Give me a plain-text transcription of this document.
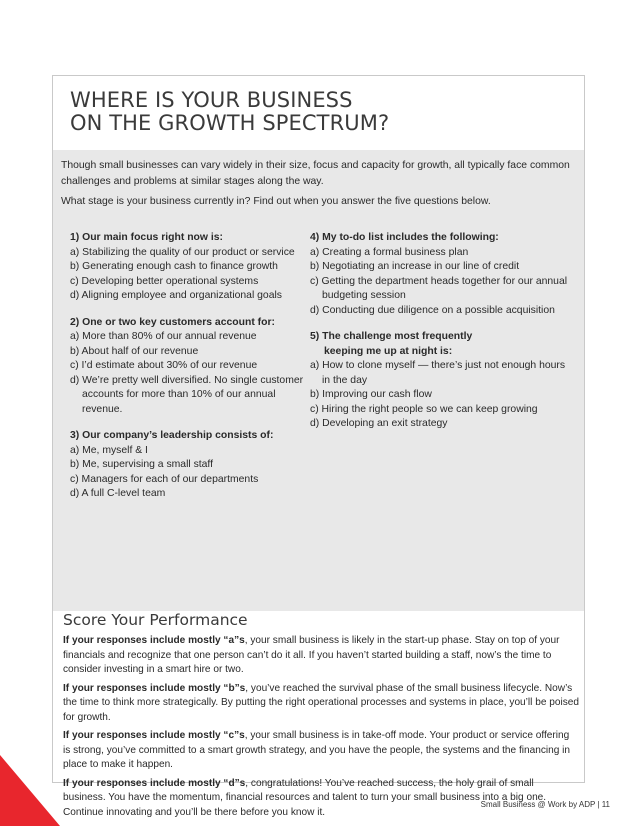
WHERE IS YOUR BUSINESS
ON THE GROWTH SPECTRUM?

Though small businesses can vary widely in their size, focus and capacity for growth, all typically face common challenges and problems at similar stages along the way.

What stage is your business currently in? Find out when you answer the five questions below.

1) Our main focus right now is:
a) Stabilizing the quality of our product or service
b) Generating enough cash to finance growth
c) Developing better operational systems
d) Aligning employee and organizational goals
2) One or two key customers account for:
a) More than 80% of our annual revenue
b) About half of our revenue
c) I’d estimate about 30% of our revenue
d) We’re pretty well diversified. No single customer accounts for more than 10% of our annual revenue.
3) Our company’s leadership consists of:
a) Me, myself & I
b) Me, supervising a small staff
c) Managers for each of our departments
d) A full C-level team
4) My to-do list includes the following:
a) Creating a formal business plan
b) Negotiating an increase in our line of credit
c) Getting the department heads together for our annual budgeting session
d) Conducting due diligence on a possible acquisition
5) The challenge most frequently
keeping me up at night is:
a) How to clone myself — there’s just not enough hours in the day
b) Improving our cash flow
c) Hiring the right people so we can keep growing
d) Developing an exit strategy
Score Your Performance

If your responses include mostly “a”s, your small business is likely in the start-up phase. Stay on top of your financials and recognize that one person can’t do it all. If you haven’t started building a staff, now’s the time to consider investing in a smart hire or two.

If your responses include mostly “b”s, you’ve reached the survival phase of the small business lifecycle. Now’s the time to think more strategically. By putting the right operational processes and systems in place, you’ll be poised for growth.

If your responses include mostly “c”s, your small business is in take-off mode. Your product or service offering is strong, you’ve committed to a smart growth strategy, and you have the people, the systems and the financing in place to make it happen.

If your responses include mostly “d”s, congratulations! You’ve reached success, the holy grail of small business. You have the momentum, financial resources and talent to turn your small business into a big one. Continue innovating and you’ll be there before you know it.

Small Business @ Work by ADP | 11
